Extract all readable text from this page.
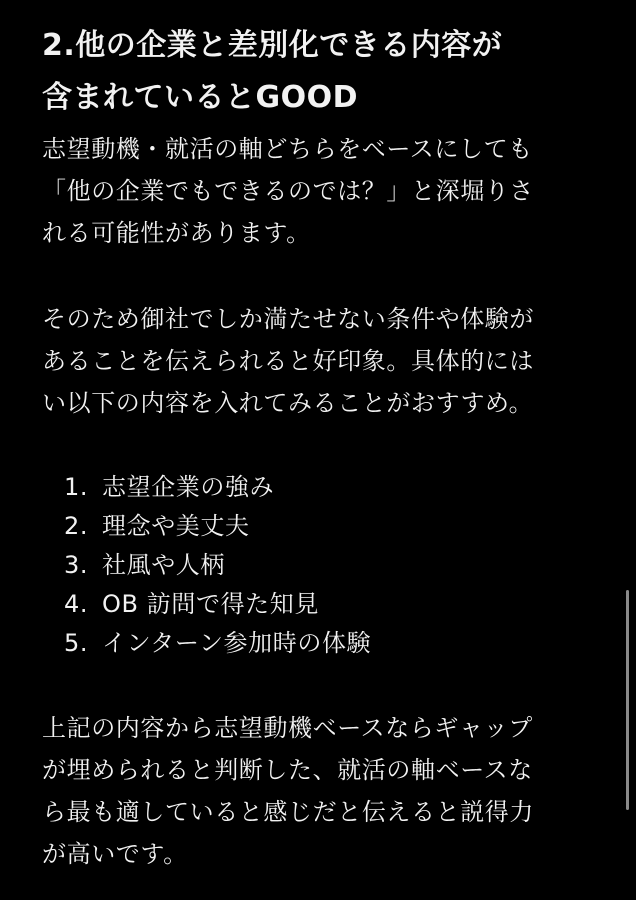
2.他の企業と差別化できる内容が
含まれているとGOOD

志望動機・就活の軸どちらをベースにしても
「他の企業でもできるのでは？」と深堀りさ
れる可能性があります。

そのため御社でしか満たせない条件や体験が
あることを伝えられると好印象。具体的には
い以下の内容を入れてみることがおすすめ。

1. 志望企業の強み
2. 理念や美丈夫
3. 社風や人柄
4. OB 訪問で得た知見
5. インターン参加時の体験

上記の内容から志望動機ベースならギャップ
が埋められると判断した、就活の軸ベースな
ら最も適していると感じだと伝えると説得力
が高いです。
